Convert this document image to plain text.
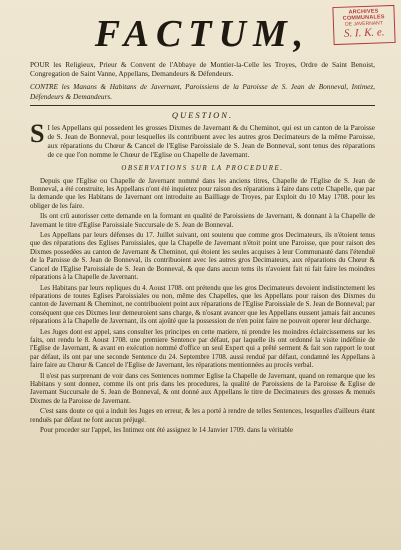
ARCHIVES COMMUNALES
DE JAVERNANT
S. I. K. e.
FACTUM,

POUR les Religieux, Prieur & Convent de l'Abbaye de Montier-la-Celle les Troyes, Ordre de Saint Benoist, Congregation de Saint Vanne, Appellans, Demandeurs & Défendeurs.

CONTRE les Manans & Habitans de Javernant, Paroissiens de la Paroisse de S. Jean de Bonneval, Intimez, Défendeurs & Demandeurs.

QUESTION.
S I les Appellans qui possedent les grosses Dixmes de Javernant & du Cheminot, qui est un canton de la Paroisse de S. Jean de Bonneval, pour lesquelles ils contribuent avec les autres gros Decimateurs de la même Paroisse, aux réparations du Chœur & Cancel de l'Eglise Paroissiale de S. Jean de Bonneval, sont tenus des réparations de ce que l'on nomme le Chœur de l'Eglise ou Chapelle de Javernant.

OBSERVATIONS SUR LA PROCEDURE.

Depuis que l'Eglise ou Chapelle de Javernant nommé dans les anciens titres, Chapelle de l'Eglise de S. Jean de Bonneval, a été construite, les Appellans n'ont été inquietez pour raison des réparations à faire dans cette Chapelle, que par la demande que les Habitans de Javernant ont introduite au Bailliage de Troyes, par Exploit du 10 May 1708. pour les obliger de les faire.

Ils ont crû autorisser cette demande en la formant en qualité de Paroissiens de Javernant, & donnant à la Chapelle de Javernant le titre d'Eglise Paroissiale Succursale de S. Jean de Bonneval.

Les Appellans par leurs défenses du 17. Juillet suivant, ont soutenu que comme gros Decimateurs, ils n'étoient tenus que des réparations des Eglises Paroissiales, que la Chapelle de Javernant n'étoit point une Paroisse, que pour raison des Dixmes possedées au canton de Javernant & Cheminot, qui étoient les seules acquises à leur Communauté dans l'étenduë de la Paroisse de S. Jean de Bonneval, ils contribuoient avec les autres gros Decimateurs, aux réparations du Chœur & Cancel de l'Eglise Paroissiale de S. Jean de Bonneval, & que dans aucun tems ils n'avoient fait ni fait faire les moindres réparations à la Chapelle de Javernant.

Les Habitans par leurs repliques du 4. Aoust 1708. ont prétendu que les gros Decimateurs devoient indistinctement les réparations de toutes Eglises Paroissiales ou non, même des Chapelles, que les Appellans pour raison des Dixmes du canton de Javernant & Cheminot, ne contribuoient point aux réparations de l'Eglise Paroissiale de S. Jean de Bonneval; par conséquent que ces Dixmes leur demeuroient sans charge, & n'osant avancer que les Appellans eussent jamais fait aucunes réparations à la Chapelle de Javernant, ils ont ajoûté que la possession de n'en point faire ne pouvoit operer leur décharge.

Les Juges dont est appel, sans consulter les principes en cette matiere, ni prendre les moindres éclaircissemens sur les faits, ont rendu le 8. Aoust 1708. une premiere Sentence par défaut, par laquelle ils ont ordonné la visite indéfinie de l'Eglise de Javernant, & avant en exécution nommé d'office un seul Expert qui a prêté serment & fait son rapport le tout par défaut, ils ont par une seconde Sentence du 24. Septembre 1708. aussi renduë par défaut, condamné les Appellans à faire faire au Chœur & Cancel de l'Eglise de Javernant, les réparations mentionnées au procès verbal.

Il n'est pas surprenant de voir dans ces Sentences nommer Eglise la Chapelle de Javernant, quand on remarque que les Habitans y sont donnez, comme ils ont pris dans les procedures, la qualité de Paroissiens de la Paroisse & Eglise de Javernant Succursale de S. Jean de Bonneval, & ont donné aux Appellans le titre de Decimateurs des grosses & menuës Dixmes de la Paroisse de Javernant.

C'est sans doute ce qui a induit les Juges en erreur, & les a porté à rendre de telles Sentences, lesquelles d'ailleurs étant renduës par défaut ne font aucun préjugé.

Pour proceder sur l'appel, les Intimez ont été assignez le 14 Janvier 1709. dans la véritable
